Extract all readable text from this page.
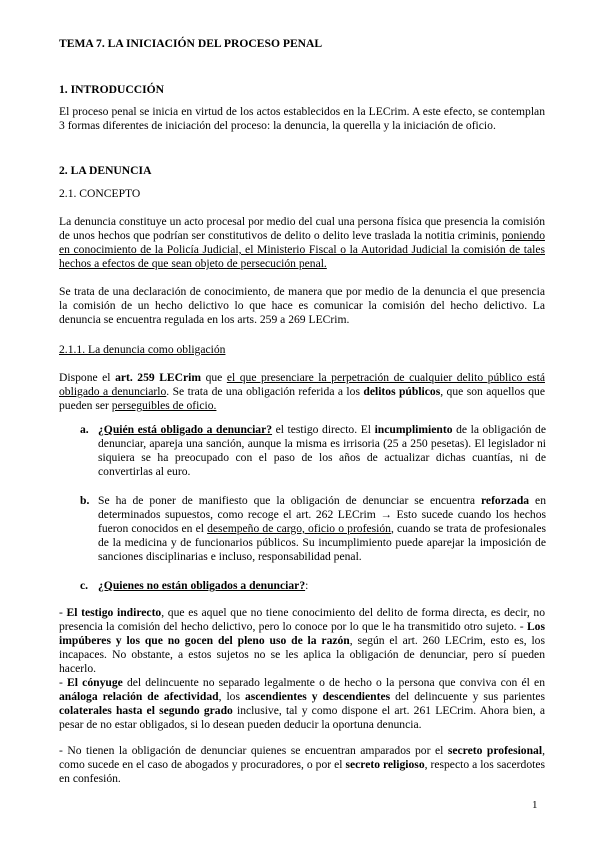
TEMA 7. LA INICIACIÓN DEL PROCESO PENAL
1. INTRODUCCIÓN
El proceso penal se inicia en virtud de los actos establecidos en la LECrim. A este efecto, se contemplan 3 formas diferentes de iniciación del proceso: la denuncia, la querella y la iniciación de oficio.
2. LA DENUNCIA
2.1. CONCEPTO
La denuncia constituye un acto procesal por medio del cual una persona física que presencia la comisión de unos hechos que podrían ser constitutivos de delito o delito leve traslada la notitia criminis, poniendo en conocimiento de la Policía Judicial, el Ministerio Fiscal o la Autoridad Judicial la comisión de tales hechos a efectos de que sean objeto de persecución penal.
Se trata de una declaración de conocimiento, de manera que por medio de la denuncia el que presencia la comisión de un hecho delictivo lo que hace es comunicar la comisión del hecho delictivo. La denuncia se encuentra regulada en los arts. 259 a 269 LECrim.
2.1.1. La denuncia como obligación
Dispone el art. 259 LECrim que el que presenciare la perpetración de cualquier delito público está obligado a denunciarlo. Se trata de una obligación referida a los delitos públicos, que son aquellos que pueden ser perseguibles de oficio.
a. ¿Quién está obligado a denunciar? el testigo directo. El incumplimiento de la obligación de denunciar, apareja una sanción, aunque la misma es irrisoria (25 a 250 pesetas). El legislador ni siquiera se ha preocupado con el paso de los años de actualizar dichas cuantías, ni de convertirlas al euro.
b. Se ha de poner de manifiesto que la obligación de denunciar se encuentra reforzada en determinados supuestos, como recoge el art. 262 LECrim → Esto sucede cuando los hechos fueron conocidos en el desempeño de cargo, oficio o profesión, cuando se trata de profesionales de la medicina y de funcionarios públicos. Su incumplimiento puede aparejar la imposición de sanciones disciplinarias e incluso, responsabilidad penal.
c. ¿Quienes no están obligados a denunciar?:
- El testigo indirecto, que es aquel que no tiene conocimiento del delito de forma directa, es decir, no presencia la comisión del hecho delictivo, pero lo conoce por lo que le ha transmitido otro sujeto. - Los impúberes y los que no gocen del pleno uso de la razón, según el art. 260 LECrim, esto es, los incapaces. No obstante, a estos sujetos no se les aplica la obligación de denunciar, pero sí pueden hacerlo.
- El cónyuge del delincuente no separado legalmente o de hecho o la persona que conviva con él en análoga relación de afectividad, los ascendientes y descendientes del delincuente y sus parientes colaterales hasta el segundo grado inclusive, tal y como dispone el art. 261 LECrim. Ahora bien, a pesar de no estar obligados, si lo desean pueden deducir la oportuna denuncia.
- No tienen la obligación de denunciar quienes se encuentran amparados por el secreto profesional, como sucede en el caso de abogados y procuradores, o por el secreto religioso, respecto a los sacerdotes en confesión.
1
